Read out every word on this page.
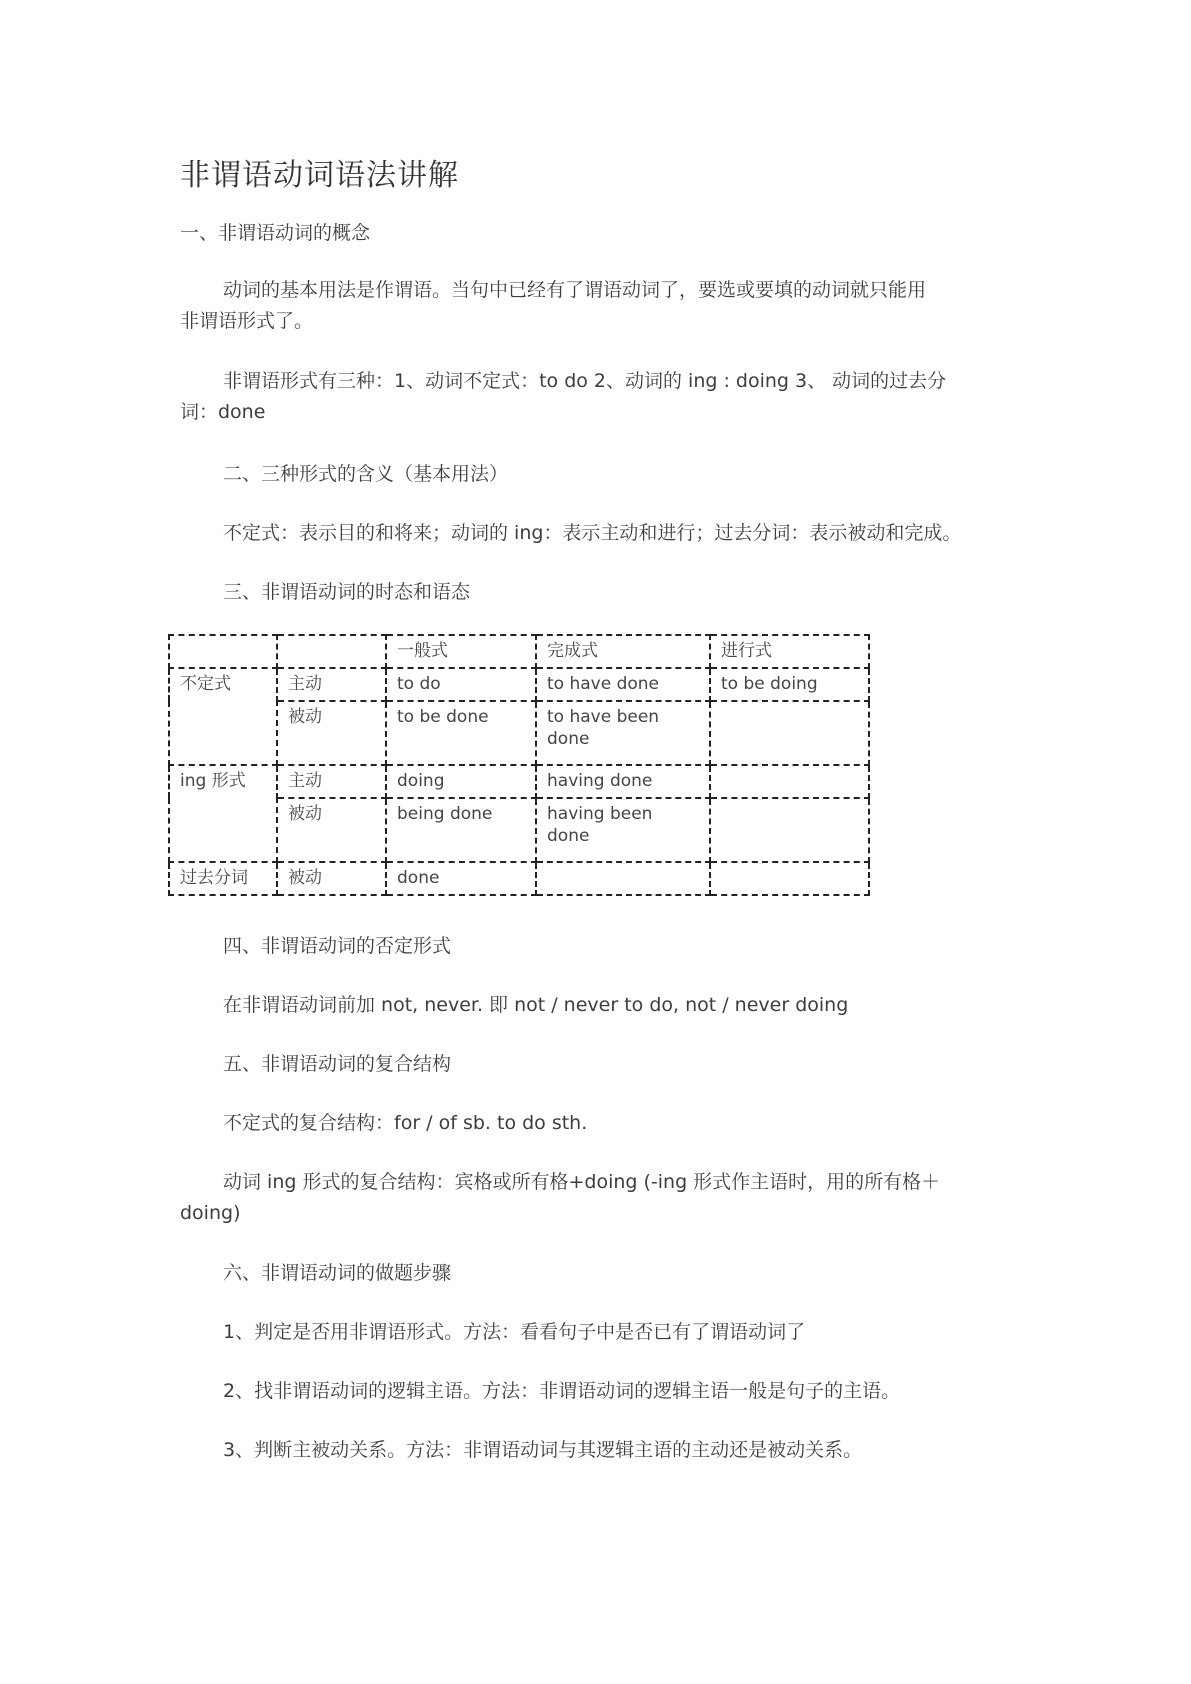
非谓语动词语法讲解

一、非谓语动词的概念

动词的基本用法是作谓语。当句中已经有了谓语动词了，要选或要填的动词就只能用
非谓语形式了。

非谓语形式有三种：1、动词不定式：to do 2、动词的 ing : doing 3、 动词的过去分
词：done

二、三种形式的含义（基本用法）

不定式：表示目的和将来；动词的 ing：表示主动和进行；过去分词：表示被动和完成。

三、非谓语动词的时态和语态

		一般式	完成式	进行式
不定式	主动	to do	to have done	to be doing
	被动	to be done	to have been done	
ing 形式	主动	doing	having done	
	被动	being done	having been done	
过去分词	被动	done		

四、非谓语动词的否定形式

在非谓语动词前加 not, never. 即 not / never to do, not / never doing

五、非谓语动词的复合结构

不定式的复合结构：for / of sb. to do sth.

动词 ing 形式的复合结构：宾格或所有格+doing (-ing 形式作主语时，用的所有格＋
doing)

六、非谓语动词的做题步骤

1、判定是否用非谓语形式。方法：看看句子中是否已有了谓语动词了

2、找非谓语动词的逻辑主语。方法：非谓语动词的逻辑主语一般是句子的主语。

3、判断主被动关系。方法：非谓语动词与其逻辑主语的主动还是被动关系。
